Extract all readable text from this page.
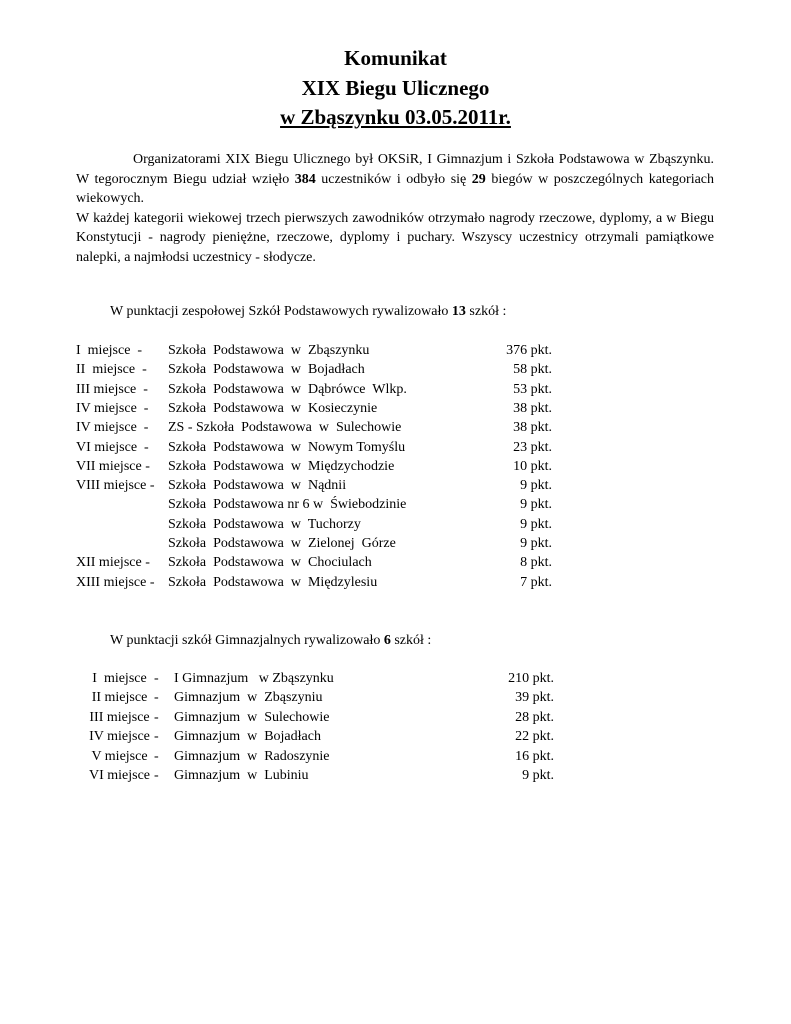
Komunikat
XIX Biegu Ulicznego
w Zbąszynku 03.05.2011r.

Organizatorami XIX Biegu Ulicznego był OKSiR, I Gimnazjum i Szkoła Podstawowa w Zbąszynku. W tegorocznym Biegu udział wzięło 384 uczestników i odbyło się 29 biegów w poszczególnych kategoriach wiekowych.

W każdej kategorii wiekowej trzech pierwszych zawodników otrzymało nagrody rzeczowe, dyplomy, a w Biegu Konstytucji - nagrody pieniężne, rzeczowe, dyplomy i puchary. Wszyscy uczestnicy otrzymali pamiątkowe nalepki, a najmłodsi uczestnicy - słodycze.

W punktacji zespołowej Szkół Podstawowych rywalizowało 13 szkół :
I  miejsce  - Szkoła  Podstawowa  w  Zbąszynku	376 pkt.
II  miejsce  - Szkoła  Podstawowa  w  Bojadłach	58 pkt.
III miejsce  - Szkoła  Podstawowa  w  Dąbrówce  Wlkp.	53 pkt.
IV miejsce  - Szkoła  Podstawowa  w  Kosieczynie	38 pkt.
IV miejsce  - ZS - Szkoła  Podstawowa  w  Sulechowie	38 pkt.
VI miejsce  - Szkoła  Podstawowa  w  Nowym Tomyślu	23 pkt.
VII miejsce - Szkoła  Podstawowa  w  Międzychodzie	10 pkt.
VIII miejsce - Szkoła  Podstawowa  w  Nądnii	9 pkt.
Szkoła  Podstawowa nr 6 w  Świebodzinie	9 pkt.
Szkoła  Podstawowa  w  Tuchorzy	9 pkt.
Szkoła  Podstawowa  w  Zielonej  Górze	9 pkt.
XII miejsce - Szkoła  Podstawowa  w  Chociulach	8 pkt.
XIII miejsce - Szkoła  Podstawowa  w  Międzylesiu	7 pkt.
W punktacji szkół Gimnazjalnych rywalizowało 6 szkół :
I  miejsce - I Gimnazjum   w Zbąszynku	210 pkt.
II miejsce - Gimnazjum  w  Zbąszyniu	39 pkt.
III miejsce - Gimnazjum  w  Sulechowie	28 pkt.
IV miejsce - Gimnazjum  w  Bojadłach	22 pkt.
V miejsce - Gimnazjum  w  Radoszynie	16 pkt.
VI miejsce - Gimnazjum  w  Lubiniu	9 pkt.
